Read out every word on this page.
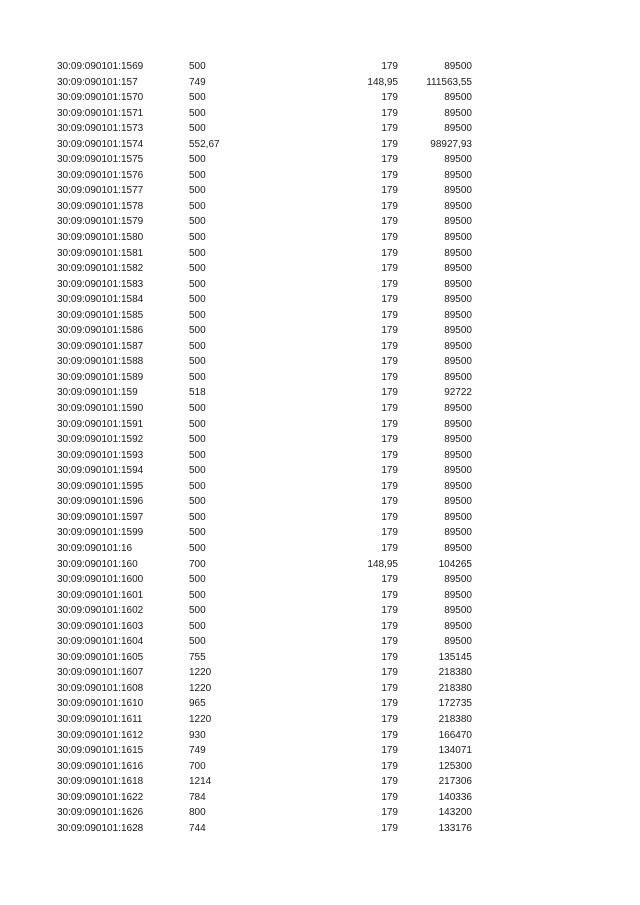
30:09:090101:1569	500	179	89500
30:09:090101:157	749	148,95	111563,55
30:09:090101:1570	500	179	89500
30:09:090101:1571	500	179	89500
30:09:090101:1573	500	179	89500
30:09:090101:1574	552,67	179	98927,93
30:09:090101:1575	500	179	89500
30:09:090101:1576	500	179	89500
30:09:090101:1577	500	179	89500
30:09:090101:1578	500	179	89500
30:09:090101:1579	500	179	89500
30:09:090101:1580	500	179	89500
30:09:090101:1581	500	179	89500
30:09:090101:1582	500	179	89500
30:09:090101:1583	500	179	89500
30:09:090101:1584	500	179	89500
30:09:090101:1585	500	179	89500
30:09:090101:1586	500	179	89500
30:09:090101:1587	500	179	89500
30:09:090101:1588	500	179	89500
30:09:090101:1589	500	179	89500
30:09:090101:159	518	179	92722
30:09:090101:1590	500	179	89500
30:09:090101:1591	500	179	89500
30:09:090101:1592	500	179	89500
30:09:090101:1593	500	179	89500
30:09:090101:1594	500	179	89500
30:09:090101:1595	500	179	89500
30:09:090101:1596	500	179	89500
30:09:090101:1597	500	179	89500
30:09:090101:1599	500	179	89500
30:09:090101:16	500	179	89500
30:09:090101:160	700	148,95	104265
30:09:090101:1600	500	179	89500
30:09:090101:1601	500	179	89500
30:09:090101:1602	500	179	89500
30:09:090101:1603	500	179	89500
30:09:090101:1604	500	179	89500
30:09:090101:1605	755	179	135145
30:09:090101:1607	1220	179	218380
30:09:090101:1608	1220	179	218380
30:09:090101:1610	965	179	172735
30:09:090101:1611	1220	179	218380
30:09:090101:1612	930	179	166470
30:09:090101:1615	749	179	134071
30:09:090101:1616	700	179	125300
30:09:090101:1618	1214	179	217306
30:09:090101:1622	784	179	140336
30:09:090101:1626	800	179	143200
30:09:090101:1628	744	179	133176
